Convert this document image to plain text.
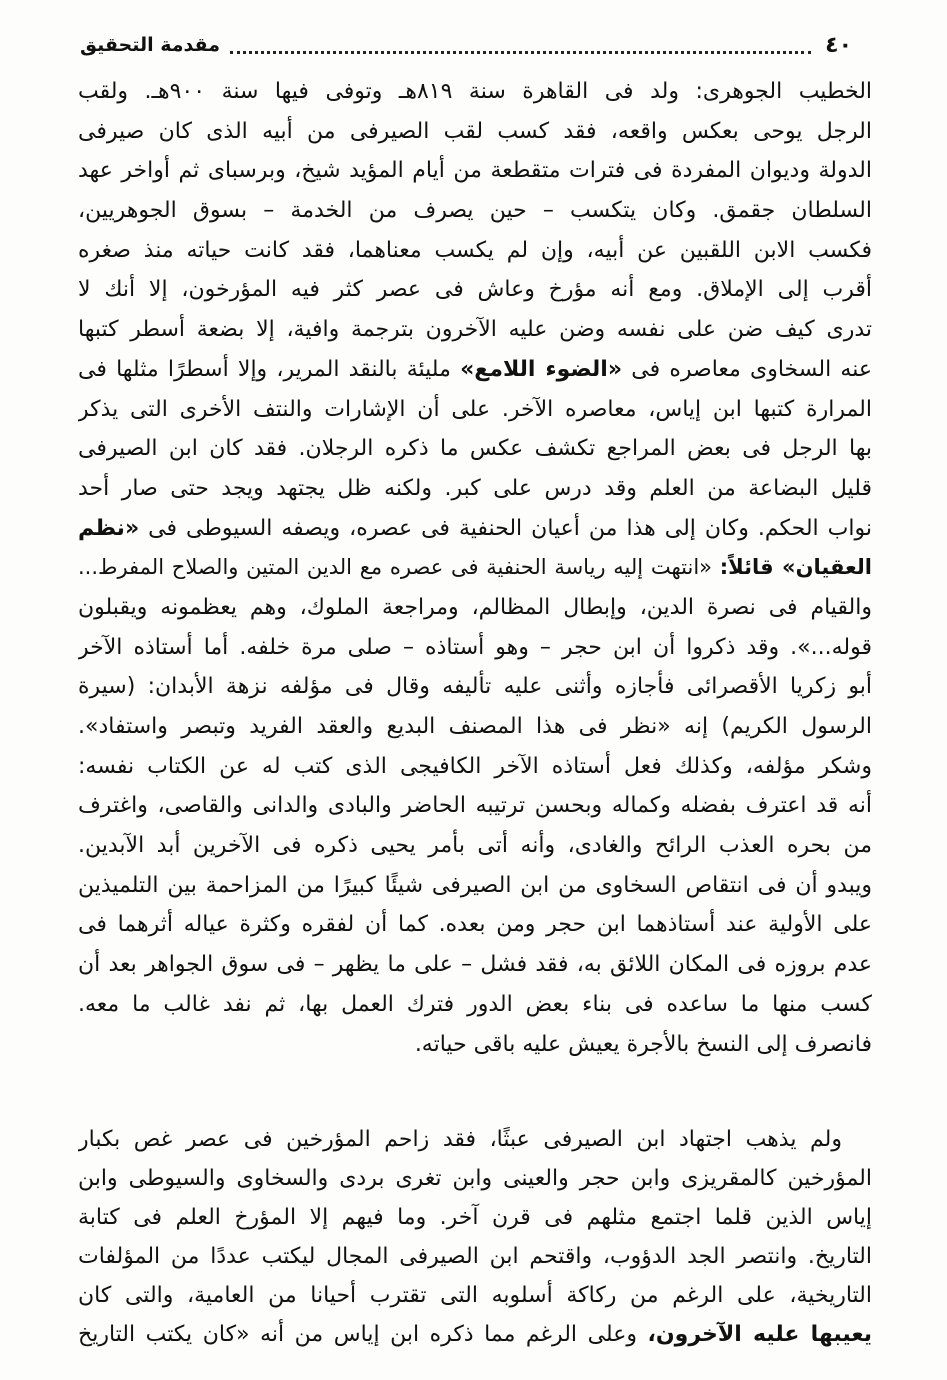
٤٠
مقدمة التحقيق
الخطيب الجوهرى: ولد فى القاهرة سنة ٨١٩هـ وتوفى فيها سنة ٩٠٠هـ. ولقب
الرجل يوحى بعكس واقعه، فقد كسب لقب الصيرفى من أبيه الذى كان صيرفى
الدولة وديوان المفردة فى فترات متقطعة من أيام المؤيد شيخ، وبرسباى ثم أواخر عهد
السلطان جقمق. وكان يتكسب – حين يصرف من الخدمة – بسوق الجوهريين،
فكسب الابن اللقبين عن أبيه، وإن لم يكسب معناهما، فقد كانت حياته منذ صغره
أقرب إلى الإملاق. ومع أنه مؤرخ وعاش فى عصر كثر فيه المؤرخون، إلا أنك لا
تدرى كيف ضن على نفسه وضن عليه الآخرون بترجمة وافية، إلا بضعة أسطر كتبها
عنه السخاوى معاصره فى «الضوء اللامع» مليئة بالنقد المرير، وإلا أسطرًا مثلها فى
المرارة كتبها ابن إياس، معاصره الآخر. على أن الإشارات والنتف الأخرى التى يذكر
بها الرجل فى بعض المراجع تكشف عكس ما ذكره الرجلان. فقد كان ابن الصيرفى
قليل البضاعة من العلم وقد درس على كبر. ولكنه ظل يجتهد ويجد حتى صار أحد
نواب الحكم. وكان إلى هذا من أعيان الحنفية فى عصره، ويصفه السيوطى فى «نظم
العقيان» قائلاً: «انتهت إليه رياسة الحنفية فى عصره مع الدين المتين والصلاح المفرط...
والقيام فى نصرة الدين، وإبطال المظالم، ومراجعة الملوك، وهم يعظمونه ويقبلون
قوله...». وقد ذكروا أن ابن حجر – وهو أستاذه – صلى مرة خلفه. أما أستاذه الآخر
أبو زكريا الأقصرائى فأجازه وأثنى عليه تأليفه وقال فى مؤلفه نزهة الأبدان: (سيرة
الرسول الكريم) إنه «نظر فى هذا المصنف البديع والعقد الفريد وتبصر واستفاد».
وشكر مؤلفه، وكذلك فعل أستاذه الآخر الكافيجى الذى كتب له عن الكتاب نفسه:
أنه قد اعترف بفضله وكماله وبحسن ترتيبه الحاضر والبادى والدانى والقاصى، واغترف
من بحره العذب الرائح والغادى، وأنه أتى بأمر يحيى ذكره فى الآخرين أبد الآبدين.
ويبدو أن فى انتقاص السخاوى من ابن الصيرفى شيئًا كبيرًا من المزاحمة بين التلميذين
على الأولية عند أستاذهما ابن حجر ومن بعده. كما أن لفقره وكثرة عياله أثرهما فى
عدم بروزه فى المكان اللائق به، فقد فشل – على ما يظهر – فى سوق الجواهر بعد أن
كسب منها ما ساعده فى بناء بعض الدور فترك العمل بها، ثم نفد غالب ما معه.
فانصرف إلى النسخ بالأجرة يعيش عليه باقى حياته.
ولم يذهب اجتهاد ابن الصيرفى عبثًا، فقد زاحم المؤرخين فى عصر غص بكبار
المؤرخين كالمقريزى وابن حجر والعينى وابن تغرى بردى والسخاوى والسيوطى وابن
إياس الذين قلما اجتمع مثلهم فى قرن آخر. وما فيهم إلا المؤرخ العلم فى كتابة
التاريخ. وانتصر الجد الدؤوب، واقتحم ابن الصيرفى المجال ليكتب عددًا من المؤلفات
التاريخية، على الرغم من ركاكة أسلوبه التى تقترب أحيانا من العامية، والتى كان
يعيبها عليه الآخرون، وعلى الرغم مما ذكره ابن إياس من أنه «كان يكتب التاريخ
